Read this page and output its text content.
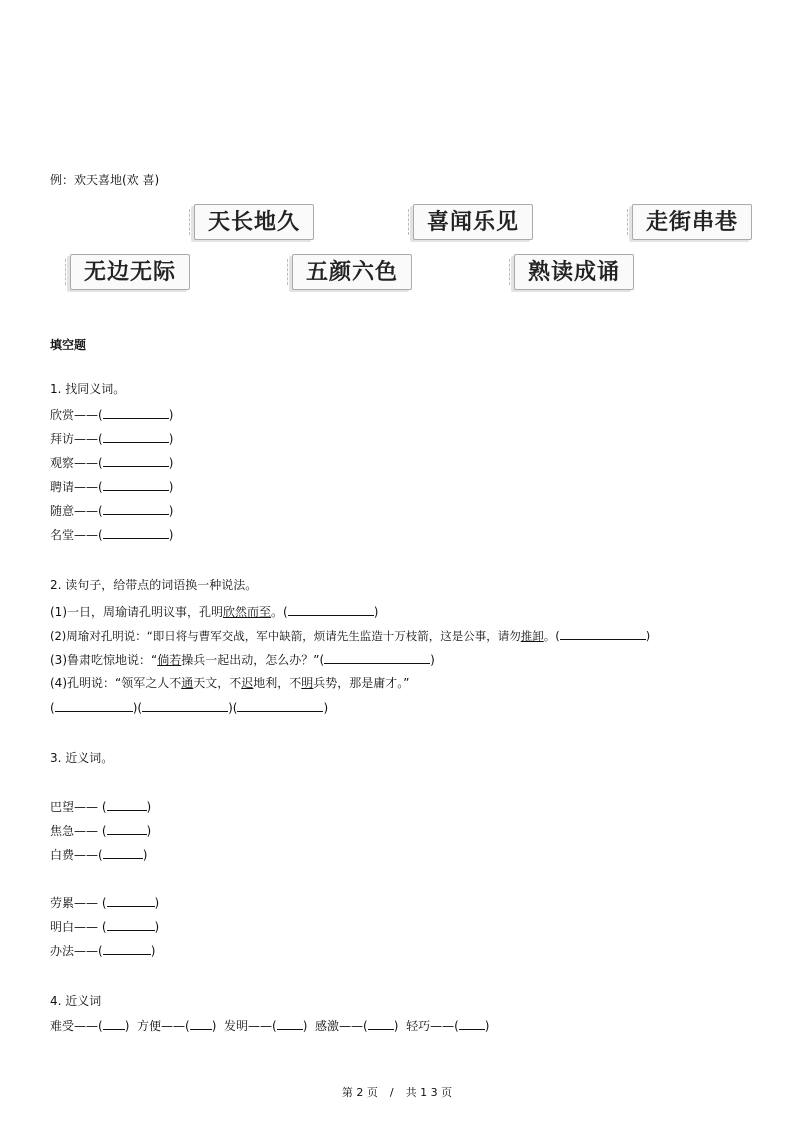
例：欢天喜地(欢 喜)
天长地久	喜闻乐见	走街串巷
无边无际	五颜六色	熟读成诵
填空题
1. 找同义词。
欣赏——(	)
拜访——(	)
观察——(	)
聘请——(	)
随意——(	)
名堂——(	)
2. 读句子，给带点的词语换一种说法。
(1)一日，周瑜请孔明议事，孔明欣然而至。(	)
(2)周瑜对孔明说：“即日将与曹军交战，军中缺箭，烦请先生监造十万枝箭，这是公事，请勿推卸。(	)
(3)鲁肃吃惊地说：“倘若操兵一起出动，怎么办？”(	)
(4)孔明说：“领军之人不通天文，不迟地利，不明兵势，那是庸才。”
(	)(	)(	)
3. 近义词。
巴望—— (	)
焦急—— (	)
白费——(	)
劳累—— (	)
明白—— (	)
办法——(	)
4. 近义词
难受——( ) 方便——( ) 发明——( ) 感激——( ) 轻巧——( )
第 2 页 / 共 1 3 页
